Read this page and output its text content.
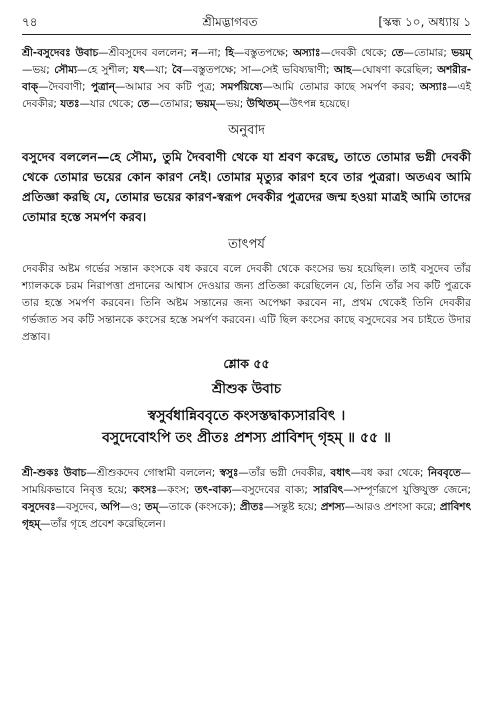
৭৪	শ্রীমদ্ভাগবত	[স্কন্ধ ১০, অধ্যায় ১

শ্রী-বসুদেবঃ উবাচ—শ্রীবসুদেব বললেন; ন—না; হি—বস্তুতপক্ষে; অস্যাঃ—দেবকী থেকে; তে—তোমার; ভয়ম্—ভয়; সৌম্য—হে সুশীল; যৎ—যা; বৈ—বস্তুতপক্ষে; সা—সেই ভবিষ্যদ্বাণী; আহ—ঘোষণা করেছিল; অশরীর-বাক্—দৈববাণী; পুত্রান্—আমার সব কটি পুত্র; সমর্পয়িষ্যে—আমি তোমার কাছে সমর্পণ করব; অস্যাঃ—এই দেবকীর; যতঃ—যার থেকে; তে—তোমার; ভয়ম্—ভয়; উত্থিতম্—উৎপন্ন হয়েছে।

অনুবাদ

বসুদেব বললেন—হে সৌম্য, তুমি দৈববাণী থেকে যা শ্রবণ করেছ, তাতে তোমার ভগ্নী দেবকী থেকে তোমার ভয়ের কোন কারণ নেই। তোমার মৃত্যুর কারণ হবে তার পুত্ররা। অতএব আমি প্রতিজ্ঞা করছি যে, তোমার ভয়ের কারণ-স্বরূপ দেবকীর পুত্রদের জন্ম হওয়া মাত্রই আমি তাদের তোমার হস্তে সমর্পণ করব।

তাৎপর্য

দেবকীর অষ্টম গর্ভের সন্তান কংসকে বধ করবে বলে দেবকী থেকে কংসের ভয় হয়েছিল। তাই বসুদেব তাঁর শ্যালককে চরম নিরাপত্তা প্রদানের আশ্বাস দেওয়ার জন্য প্রতিজ্ঞা করেছিলেন যে, তিনি তাঁর সব কটি পুত্রকে তার হস্তে সমর্পণ করবেন। তিনি অষ্টম সন্তানের জন্য অপেক্ষা করবেন না, প্রথম থেকেই তিনি দেবকীর গর্ভজাত সব কটি সন্তানকে কংসের হস্তে সমর্পণ করবেন। এটি ছিল কংসের কাছে বসুদেবের সব চাইতে উদার প্রস্তাব।

শ্লোক ৫৫
শ্রীশুক উবাচ
স্বসুর্বধান্নিববৃতে কংসস্তদ্বাক্যসারবিৎ ।
বসুদেবোঽপি তং প্রীতঃ প্রশস্য প্রাবিশদ্ গৃহম্ ॥ ৫৫ ॥

শ্রী-শুকঃ উবাচ—শ্রীশুকদেব গোস্বামী বললেন; স্বসুঃ—তাঁর ভগ্নী দেবকীর, বধাৎ—বধ করা থেকে; নিববৃতে—সাময়িকভাবে নিবৃত্ত হয়ে; কংসঃ—কংস; তৎ-বাক্য—বসুদেবের বাক্য; সারবিৎ—সম্পূর্ণরূপে যুক্তিযুক্ত জেনে; বসুদেবঃ—বসুদেব, অপি—ও; তম্—তাকে (কংসকে); প্রীতঃ—সন্তুষ্ট হয়ে; প্রশস্য—আরও প্রশংসা করে; প্রাবিশৎ গৃহম্—তাঁর গৃহে প্রবেশ করেছিলেন।
